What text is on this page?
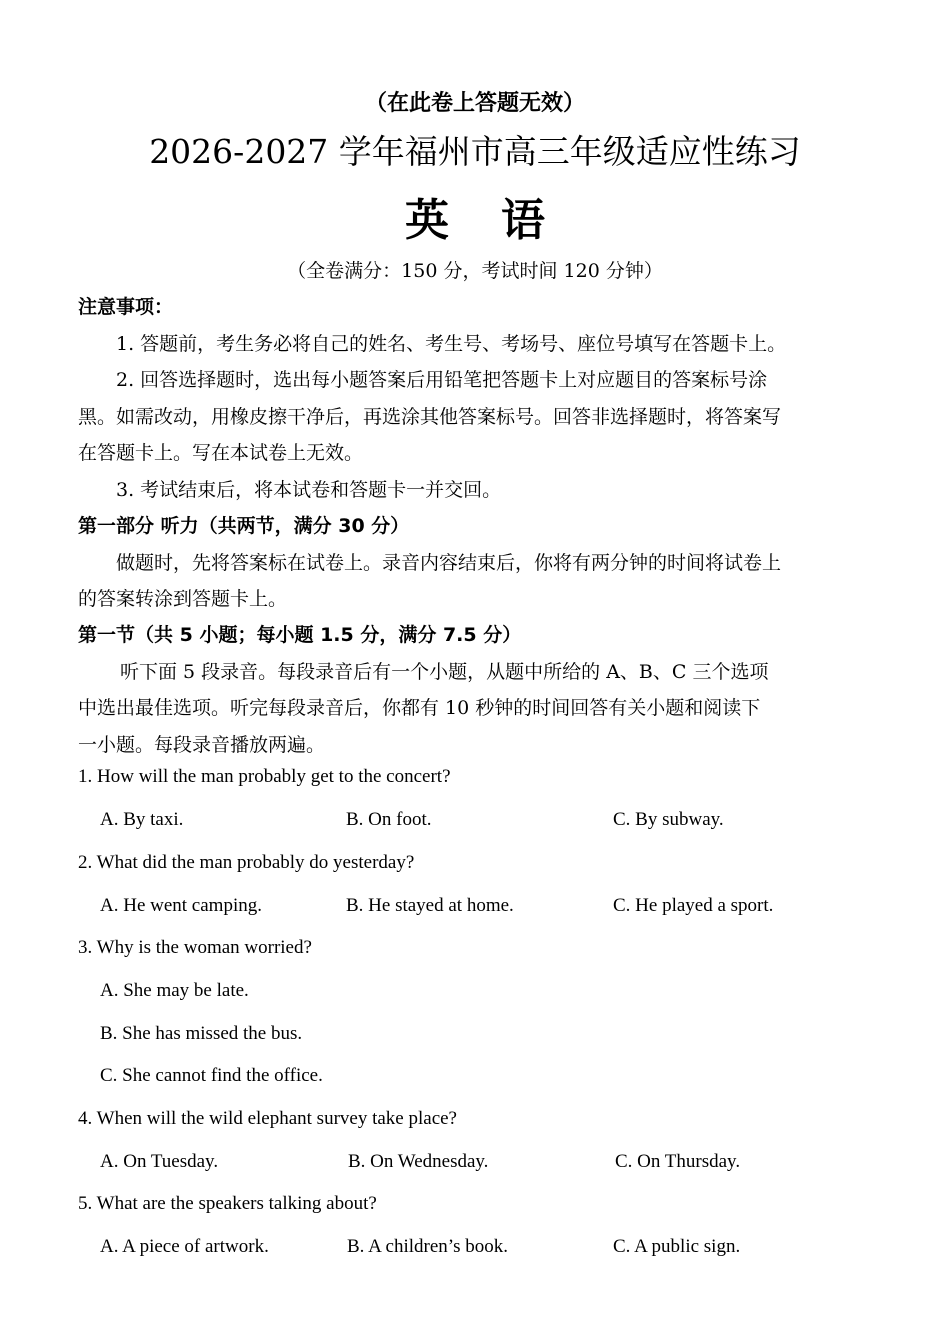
（在此卷上答题无效）
2026-2027 学年福州市高三年级适应性练习
英语
（全卷满分：150 分，考试时间 120 分钟）
注意事项：
1. 答题前，考生务必将自己的姓名、考生号、考场号、座位号填写在答题卡上。
2. 回答选择题时，选出每小题答案后用铅笔把答题卡上对应题目的答案标号涂
黑。如需改动，用橡皮擦干净后，再选涂其他答案标号。回答非选择题时，将答案写
在答题卡上。写在本试卷上无效。
3. 考试结束后，将本试卷和答题卡一并交回。
第一部分 听力（共两节，满分 30 分）
做题时，先将答案标在试卷上。录音内容结束后，你将有两分钟的时间将试卷上
的答案转涂到答题卡上。
第一节（共 5 小题；每小题 1.5 分，满分 7.5 分）
听下面 5 段录音。每段录音后有一个小题，从题中所给的 A、B、C 三个选项
中选出最佳选项。听完每段录音后，你都有 10 秒钟的时间回答有关小题和阅读下
一小题。每段录音播放两遍。
1. How will the man probably get to the concert?
A. By taxi.	B. On foot.	C. By subway.
2. What did the man probably do yesterday?
A. He went camping.	B. He stayed at home.	C. He played a sport.
3. Why is the woman worried?
A. She may be late.
B. She has missed the bus.
C. She cannot find the office.
4. When will the wild elephant survey take place?
A. On Tuesday.	B. On Wednesday.	C. On Thursday.
5. What are the speakers talking about?
A. A piece of artwork.	B. A children’s book.	C. A public sign.
